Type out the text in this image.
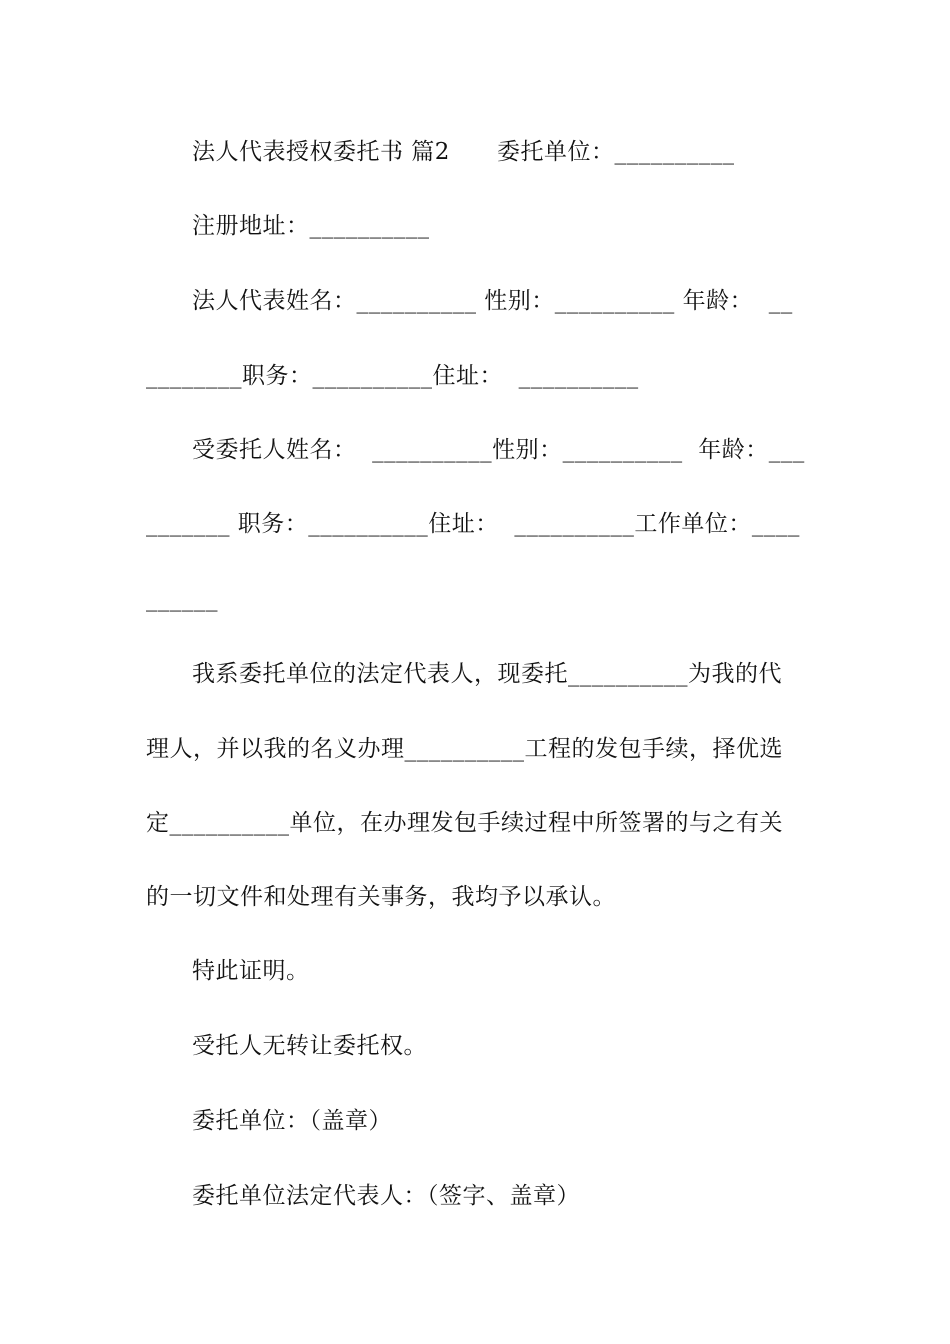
法人代表授权委托书 篇2　　委托单位：__________
注册地址：__________
法人代表姓名：__________ 性别：__________ 年龄：  __
________职务：__________住址：  __________
受委托人姓名：  __________性别：__________  年龄：___
_______ 职务：__________住址：  __________工作单位：____
______
我系委托单位的法定代表人，现委托__________为我的代
理人，并以我的名义办理__________工程的发包手续，择优选
定__________单位，在办理发包手续过程中所签署的与之有关
的一切文件和处理有关事务，我均予以承认。
特此证明。
受托人无转让委托权。
委托单位：（盖章）
委托单位法定代表人：（签字、盖章）
